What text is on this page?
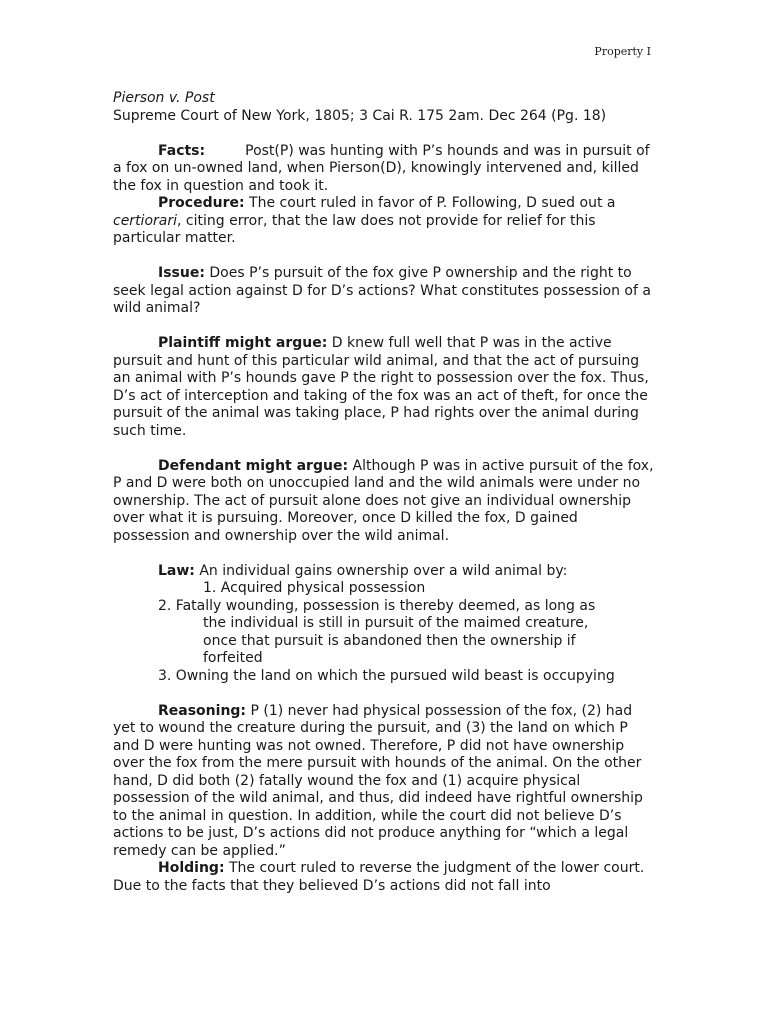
Property I

Pierson v. Post

Supreme Court of New York, 1805; 3 Cai R. 175 2am. Dec 264 (Pg. 18)

Facts:	Post(P) was hunting with P’s hounds and was in pursuit of a fox on un-owned land, when Pierson(D), knowingly intervened and, killed the fox in question and took it.

Procedure: The court ruled in favor of P. Following, D sued out a certiorari, citing error, that the law does not provide for relief for this particular matter.

Issue: Does P’s pursuit of the fox give P ownership and the right to seek legal action against D for D’s actions? What constitutes possession of a wild animal?

Plaintiff might argue: D knew full well that P was in the active pursuit and hunt of this particular wild animal, and that the act of pursuing an animal with P’s hounds gave P the right to possession over the fox. Thus, D’s act of interception and taking of the fox was an act of theft, for once the pursuit of the animal was taking place, P had rights over the animal during such time.

Defendant might argue: Although P was in active pursuit of the fox, P and D were both on unoccupied land and the wild animals were under no ownership. The act of pursuit alone does not give an individual ownership over what it is pursuing. Moreover, once D killed the fox, D gained possession and ownership over the wild animal.

Law: An individual gains ownership over a wild animal by:

1. Acquired physical possession

2. Fatally wounding, possession is thereby deemed, as long as

the individual is still in pursuit of the maimed creature,

once that pursuit is abandoned then the ownership if

forfeited

3. Owning the land on which the pursued wild beast is occupying

Reasoning: P (1) never had physical possession of the fox, (2) had yet to wound the creature during the pursuit, and (3) the land on which P and D were hunting was not owned. Therefore, P did not have ownership over the fox from the mere pursuit with hounds of the animal. On the other hand, D did both (2) fatally wound the fox and (1) acquire physical possession of the wild animal, and thus, did indeed have rightful ownership to the animal in question. In addition, while the court did not believe D’s actions to be just, D’s actions did not produce anything for “which a legal remedy can be applied.”

Holding: The court ruled to reverse the judgment of the lower court. Due to the facts that they believed D’s actions did not fall into
